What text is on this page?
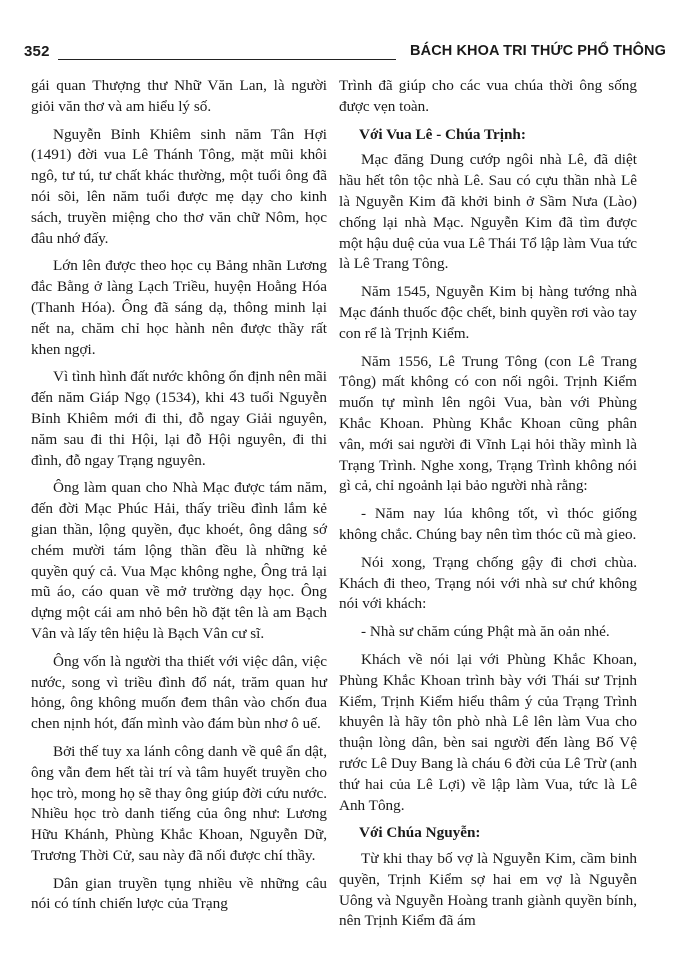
352	BÁCH KHOA TRI THỨC PHỔ THÔNG

gái quan Thượng thư Nhữ Văn Lan, là người giỏi văn thơ và am hiểu lý số.

Nguyễn Bỉnh Khiêm sinh năm Tân Hợi (1491) đời vua Lê Thánh Tông, mặt mũi khôi ngô, tư tú, tư chất khác thường, một tuổi ông đã nói sõi, lên năm tuổi được mẹ dạy cho kinh sách, truyền miệng cho thơ văn chữ Nôm, học đâu nhớ đấy.

Lớn lên được theo học cụ Bảng nhãn Lương đắc Bằng ở làng Lạch Triều, huyện Hoằng Hóa (Thanh Hóa). Ông đã sáng dạ, thông minh lại nết na, chăm chỉ học hành nên được thầy rất khen ngợi.

Vì tình hình đất nước không ổn định nên mãi đến năm Giáp Ngọ (1534), khi 43 tuổi Nguyễn Bỉnh Khiêm mới đi thi, đỗ ngay Giải nguyên, năm sau đi thi Hội, lại đỗ Hội nguyên, đi thi đình, đỗ ngay Trạng nguyên.

Ông làm quan cho Nhà Mạc được tám năm, đến đời Mạc Phúc Hải, thấy triều đình lắm kẻ gian thần, lộng quyền, đục khoét, ông dâng sớ chém mười tám lộng thần đều là những kẻ quyền quý cả. Vua Mạc không nghe, Ông trả lại mũ áo, cáo quan về mở trường dạy học. Ông dựng một cái am nhỏ bên hồ đặt tên là am Bạch Vân và lấy tên hiệu là Bạch Vân cư sĩ.

Ông vốn là người tha thiết với việc dân, việc nước, song vì triều đình đổ nát, trăm quan hư hỏng, ông không muốn đem thân vào chốn đua chen nịnh hót, đấn mình vào đám bùn nhơ ô uế.

Bởi thế tuy xa lánh công danh về quê ẩn dật, ông vẫn đem hết tài trí và tâm huyết truyền cho học trò, mong họ sẽ thay ông giúp đời cứu nước. Nhiều học trò danh tiếng của ông như: Lương Hữu Khánh, Phùng Khắc Khoan, Nguyễn Dữ, Trương Thời Cử, sau này đã nối được chí thầy.

Dân gian truyền tụng nhiều về những câu nói có tính chiến lược của Trạng

Trình đã giúp cho các vua chúa thời ông sống được vẹn toàn.

Với Vua Lê - Chúa Trịnh:

Mạc đăng Dung cướp ngôi nhà Lê, đã diệt hầu hết tôn tộc nhà Lê. Sau có cựu thần nhà Lê là Nguyễn Kim đã khởi binh ở Sầm Nưa (Lào) chống lại nhà Mạc. Nguyễn Kim đã tìm được một hậu duệ của vua Lê Thái Tổ lập làm Vua tức là Lê Trang Tông.

Năm 1545, Nguyễn Kim bị hàng tướng nhà Mạc đánh thuốc độc chết, binh quyền rơi vào tay con rể là Trịnh Kiểm.

Năm 1556, Lê Trung Tông (con Lê Trang Tông) mất không có con nối ngôi. Trịnh Kiểm muốn tự mình lên ngôi Vua, bàn với Phùng Khắc Khoan. Phùng Khắc Khoan cũng phân vân, mới sai người đi Vĩnh Lại hỏi thầy mình là Trạng Trình. Nghe xong, Trạng Trình không nói gì cả, chỉ ngoảnh lại bảo người nhà rằng:

- Năm nay lúa không tốt, vì thóc giống không chắc. Chúng bay nên tìm thóc cũ mà gieo.

Nói xong, Trạng chống gậy đi chơi chùa. Khách đi theo, Trạng nói với nhà sư chứ không nói với khách:

- Nhà sư chăm cúng Phật mà ăn oản nhé.

Khách về nói lại với Phùng Khắc Khoan, Phùng Khắc Khoan trình bày với Thái sư Trịnh Kiểm, Trịnh Kiểm hiểu thâm ý của Trạng Trình khuyên là hãy tôn phò nhà Lê lên làm Vua cho thuận lòng dân, bèn sai người đến làng Bố Vệ rước Lê Duy Bang là cháu 6 đời của Lê Trừ (anh thứ hai của Lê Lợi) về lập làm Vua, tức là Lê Anh Tông.

Với Chúa Nguyễn:

Từ khi thay bố vợ là Nguyễn Kim, cầm binh quyền, Trịnh Kiểm sợ hai em vợ là Nguyễn Uông và Nguyễn Hoàng tranh giành quyền bính, nên Trịnh Kiểm đã ám
